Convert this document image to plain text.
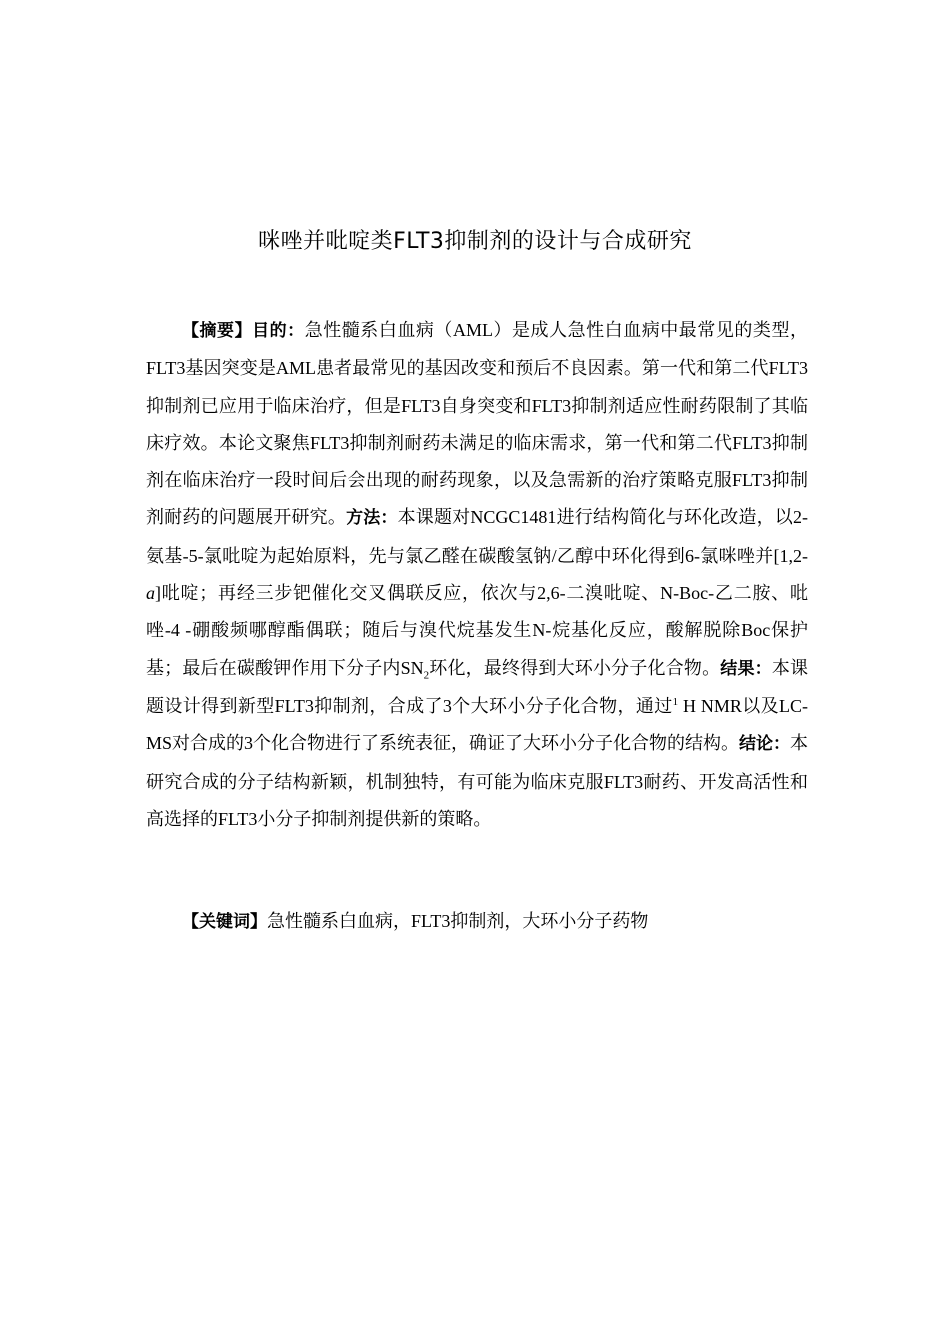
咪唑并吡啶类FLT3抑制剂的设计与合成研究

【摘要】目的：急性髓系白血病（AML）是成人急性白血病中最常见的类型，FLT3基因突变是AML患者最常见的基因改变和预后不良因素。第一代和第二代FLT3抑制剂已应用于临床治疗，但是FLT3自身突变和FLT3抑制剂适应性耐药限制了其临床疗效。本论文聚焦FLT3抑制剂耐药未满足的临床需求，第一代和第二代FLT3抑制剂在临床治疗一段时间后会出现的耐药现象，以及急需新的治疗策略克服FLT3抑制剂耐药的问题展开研究。方法：本课题对NCGC1481进行结构简化与环化改造，以2-氨基-5-氯吡啶为起始原料，先与氯乙醛在碳酸氢钠/乙醇中环化得到6-氯咪唑并[1,2-a]吡啶；再经三步钯催化交叉偶联反应，依次与2,6-二溴吡啶、N-Boc-乙二胺、吡唑-4 -硼酸频哪醇酯偶联；随后与溴代烷基发生N-烷基化反应，酸解脱除Boc保护基；最后在碳酸钾作用下分子内$SN_2$环化，最终得到大环小分子化合物。结果：本课题设计得到新型FLT3抑制剂，合成了3个大环小分子化合物，通过$^1$ H NMR以及LC-MS对合成的3个化合物进行了系统表征，确证了大环小分子化合物的结构。结论：本研究合成的分子结构新颖，机制独特，有可能为临床克服FLT3耐药、开发高活性和高选择的FLT3小分子抑制剂提供新的策略。

【关键词】急性髓系白血病，FLT3抑制剂，大环小分子药物
